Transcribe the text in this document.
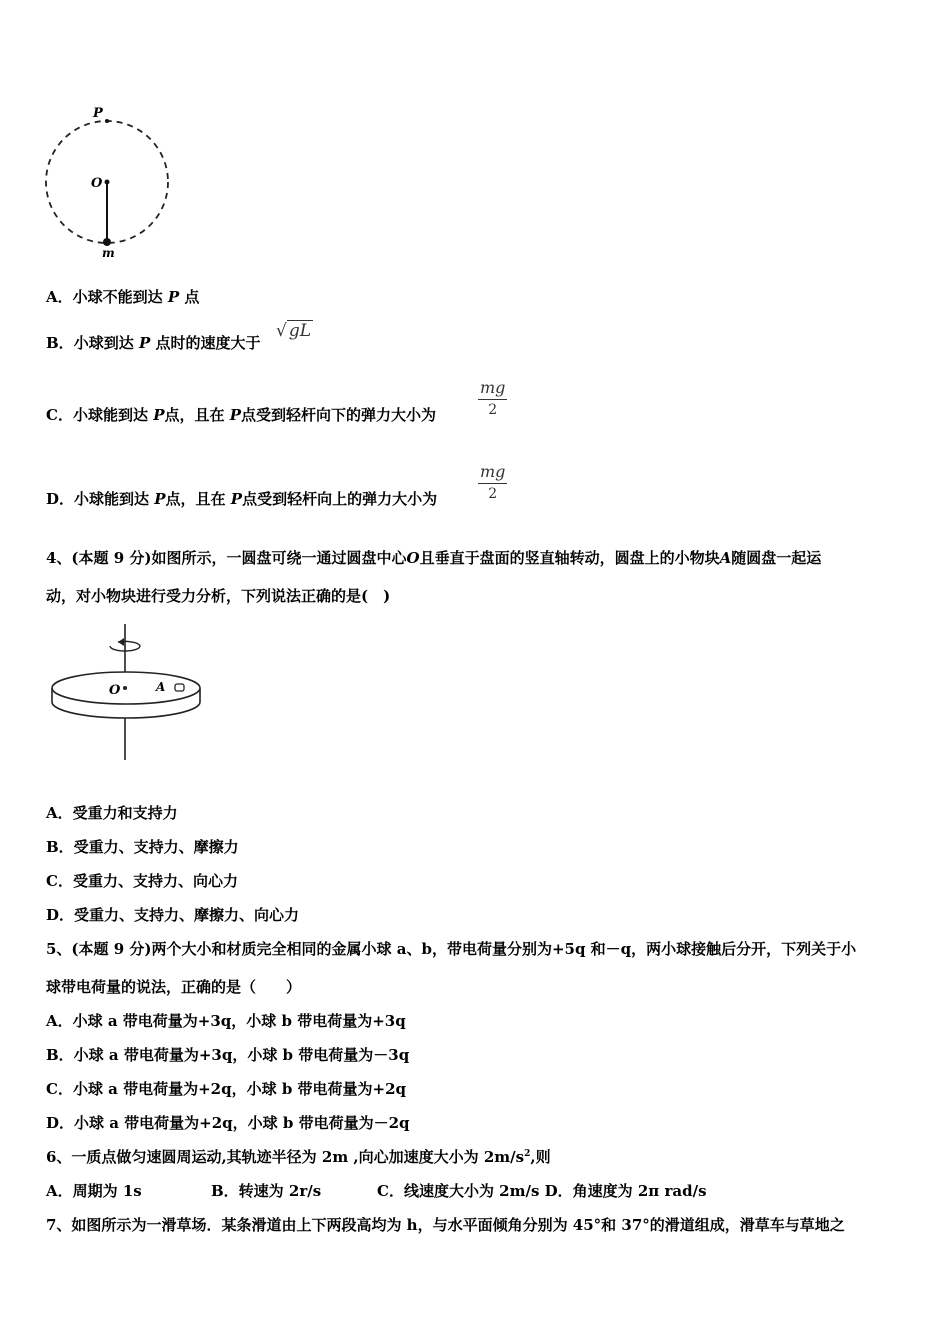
P
O
m
A．小球不能到达 P 点
B．小球到达 P 点时的速度大于
√ gL
C．小球能到达 P点，且在 P点受到轻杆向下的弹力大小为
mg
2
D．小球能到达 P点，且在 P点受到轻杆向上的弹力大小为
mg
2
4、(本题 9 分)如图所示，一圆盘可绕一通过圆盘中心O且垂直于盘面的竖直轴转动，圆盘上的小物块A随圆盘一起运
动，对小物块进行受力分析，下列说法正确的是(　)
O	A
A．受重力和支持力
B．受重力、支持力、摩擦力
C．受重力、支持力、向心力
D．受重力、支持力、摩擦力、向心力
5、(本题 9 分)两个大小和材质完全相同的金属小球 a、b，带电荷量分别为+5q 和－q，两小球接触后分开，下列关于小
球带电荷量的说法，正确的是（　　）
A．小球 a 带电荷量为+3q，小球 b 带电荷量为+3q
B．小球 a 带电荷量为+3q，小球 b 带电荷量为－3q
C．小球 a 带电荷量为+2q，小球 b 带电荷量为+2q
D．小球 a 带电荷量为+2q，小球 b 带电荷量为－2q
6、一质点做匀速圆周运动,其轨迹半径为 2m ,向心加速度大小为 $2m/s^2$,则
A．周期为 1s	B．转速为 2r/s	C．线速度大小为 2m/s D．角速度为 2π rad/s
7、如图所示为一滑草场．某条滑道由上下两段高均为 h，与水平面倾角分别为 45°和 37°的滑道组成，滑草车与草地之
